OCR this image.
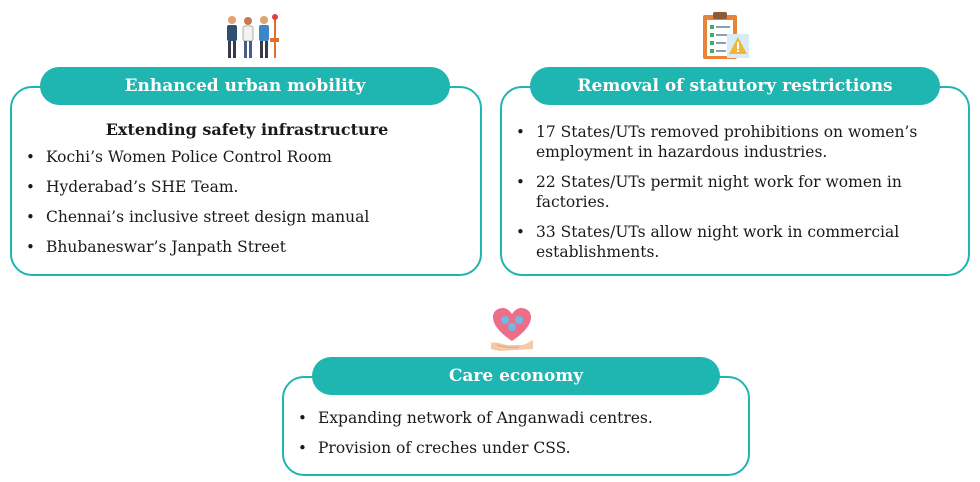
Enhanced urban mobility
Extending safety infrastructure
• Kochi’s Women Police Control Room
• Hyderabad’s SHE Team.
• Chennai’s inclusive street design manual
• Bhubaneswar’s Janpath Street
Removal of statutory restrictions
• 17 States/UTs removed prohibitions on women’s employment in hazardous industries.
• 22 States/UTs permit night work for women in factories.
• 33 States/UTs allow night work in commercial establishments.
Care economy
• Expanding network of Anganwadi centres.
• Provision of creches under CSS.
